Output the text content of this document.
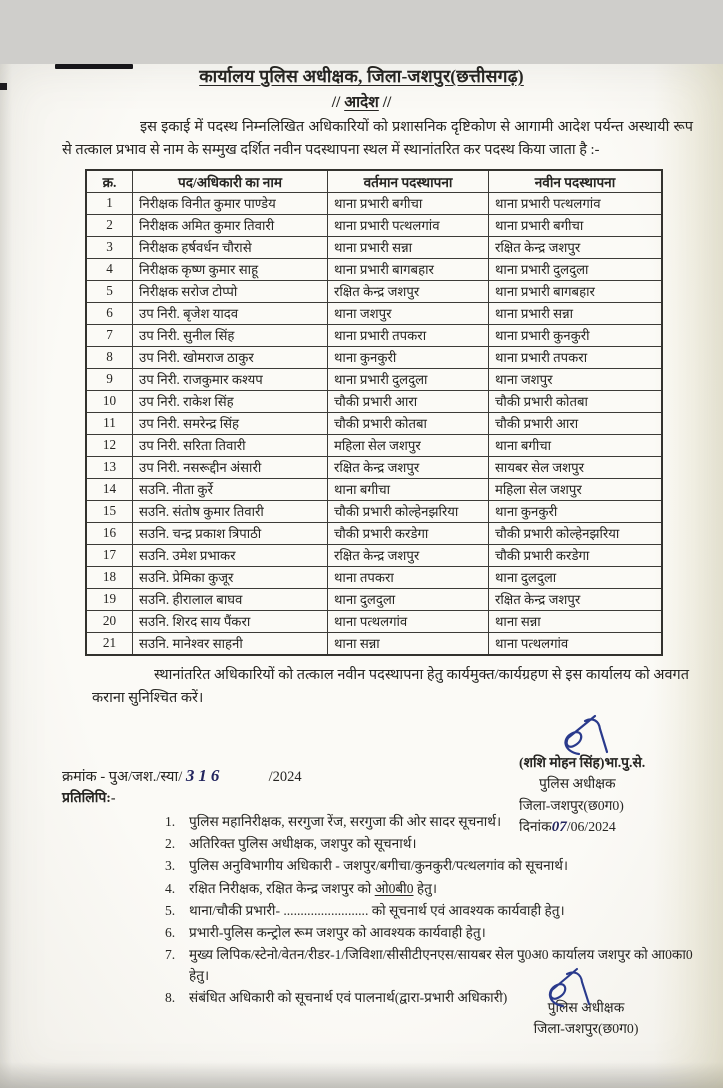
कार्यालय पुलिस अधीक्षक, जिला-जशपुर(छत्तीसगढ़)
// आदेश //

इस इकाई में पदस्थ निम्नलिखित अधिकारियों को प्रशासनिक दृष्टिकोण से आगामी आदेश पर्यन्त अस्थायी रूप से तत्काल प्रभाव से नाम के सम्मुख दर्शित नवीन पदस्थापना स्थल में स्थानांतरित कर पदस्थ किया जाता है :-

क्र.	पद/अधिकारी का नाम	वर्तमान पदस्थापना	नवीन पदस्थापना
1	निरीक्षक विनीत कुमार पाण्डेय	थाना प्रभारी बगीचा	थाना प्रभारी पत्थलगांव
2	निरीक्षक अमित कुमार तिवारी	थाना प्रभारी पत्थलगांव	थाना प्रभारी बगीचा
3	निरीक्षक हर्षवर्धन चौरासे	थाना प्रभारी सन्ना	रक्षित केन्द्र जशपुर
4	निरीक्षक कृष्ण कुमार साहू	थाना प्रभारी बागबहार	थाना प्रभारी दुलदुला
5	निरीक्षक सरोज टोप्पो	रक्षित केन्द्र जशपुर	थाना प्रभारी बागबहार
6	उप निरी. बृजेश यादव	थाना जशपुर	थाना प्रभारी सन्ना
7	उप निरी. सुनील सिंह	थाना प्रभारी तपकरा	थाना प्रभारी कुनकुरी
8	उप निरी. खोमराज ठाकुर	थाना कुनकुरी	थाना प्रभारी तपकरा
9	उप निरी. राजकुमार कश्यप	थाना प्रभारी दुलदुला	थाना जशपुर
10	उप निरी. राकेश सिंह	चौकी प्रभारी आरा	चौकी प्रभारी कोतबा
11	उप निरी. समरेन्द्र सिंह	चौकी प्रभारी कोतबा	चौकी प्रभारी आरा
12	उप निरी. सरिता तिवारी	महिला सेल जशपुर	थाना बगीचा
13	उप निरी. नसरूद्दीन अंसारी	रक्षित केन्द्र जशपुर	सायबर सेल जशपुर
14	सउनि. नीता कुर्रे	थाना बगीचा	महिला सेल जशपुर
15	सउनि. संतोष कुमार तिवारी	चौकी प्रभारी कोल्हेनझरिया	थाना कुनकुरी
16	सउनि. चन्द्र प्रकाश त्रिपाठी	चौकी प्रभारी करडेगा	चौकी प्रभारी कोल्हेनझरिया
17	सउनि. उमेश प्रभाकर	रक्षित केन्द्र जशपुर	चौकी प्रभारी करडेगा
18	सउनि. प्रेमिका कुजूर	थाना तपकरा	थाना दुलदुला
19	सउनि. हीरालाल बाघव	थाना दुलदुला	रक्षित केन्द्र जशपुर
20	सउनि. शिरद साय पैंकरा	थाना पत्थलगांव	थाना सन्ना
21	सउनि. मानेश्वर साहनी	थाना सन्ना	थाना पत्थलगांव

स्थानांतरित अधिकारियों को तत्काल नवीन पदस्थापना हेतु कार्यमुक्त/कार्यग्रहण से इस कार्यालय को अवगत कराना सुनिश्चित करें।

(शशि मोहन सिंह)भा.पु.से.
पुलिस अधीक्षक
जिला-जशपुर(छ0ग0)
दिनांक07/06/2024
क्रमांक - पुअ/जश./स्या/ 316	/2024
प्रतिलिपि:-
पुलिस महानिरीक्षक, सरगुजा रेंज, सरगुजा की ओर सादर सूचनार्थ।
अतिरिक्त पुलिस अधीक्षक, जशपुर को सूचनार्थ।
पुलिस अनुविभागीय अधिकारी - जशपुर/बगीचा/कुनकुरी/पत्थलगांव को सूचनार्थ।
रक्षित निरीक्षक, रक्षित केन्द्र जशपुर को ओ0बी0 हेतु।
थाना/चौकी प्रभारी- ......................... को सूचनार्थ एवं आवश्यक कार्यवाही हेतु।
प्रभारी-पुलिस कन्ट्रोल रूम जशपुर को आवश्यक कार्यवाही हेतु।
मुख्य लिपिक/स्टेनो/वेतन/रीडर-1/जिविशा/सीसीटीएनएस/सायबर सेल पु0अ0 कार्यालय जशपुर को आ0का0 हेतु।
संबंधित अधिकारी को सूचनार्थ एवं पालनार्थ(द्वारा-प्रभारी अधिकारी)
पुलिस अधीक्षक
जिला-जशपुर(छ0ग0)
